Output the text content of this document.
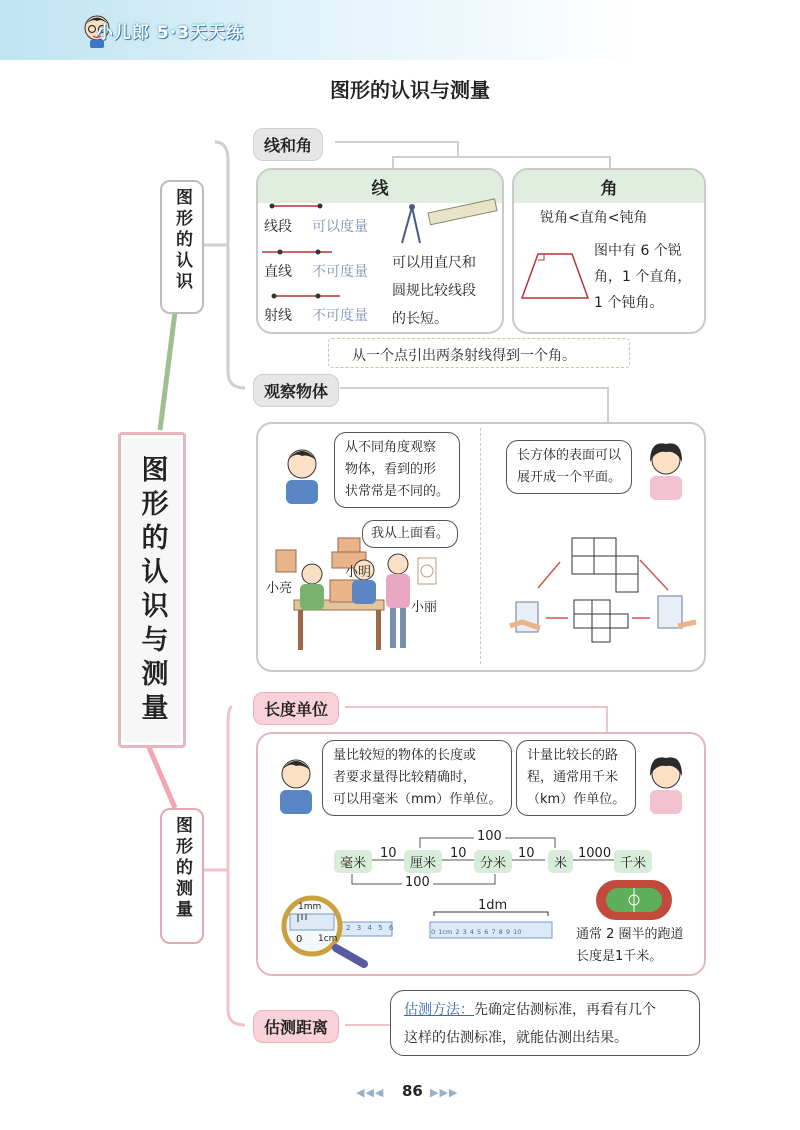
小儿郎 5·3天天练
图形的认识与测量
图形的认识与测量
图形的认识
线和角
线
线段 可以度量
直线 不可度量
射线 不可度量
可以用直尺和
圆规比较线段
的长短。
角
锐角<直角<钝角
图中有 6 个锐
角，1 个直角，
1 个钝角。
从一个点引出两条射线得到一个角。
观察物体
从不同角度观察
物体，看到的形
状常常是不同的。
长方体的表面可以
展开成一个平面。
我从上面看。
小亮
小明
小丽
图形的测量
长度单位
量比较短的物体的长度或
者要求量得比较精确时，
可以用毫米（mm）作单位。
计量比较长的路
程，通常用千米
（km）作单位。
100
100
毫米
10
厘米
10
分米
10
米
1000
千米
1mm
0 1cm
2 3 4 5 6
1dm
0 1cm 2 3 4 5 6 7 8 9 10	通常 2 圈半的跑道
长度是1千米。
估测距离
估测方法：先确定估测标准，再看有几个
这样的估测标准，就能估测出结果。
◀◀◀ 86 ▶▶▶
